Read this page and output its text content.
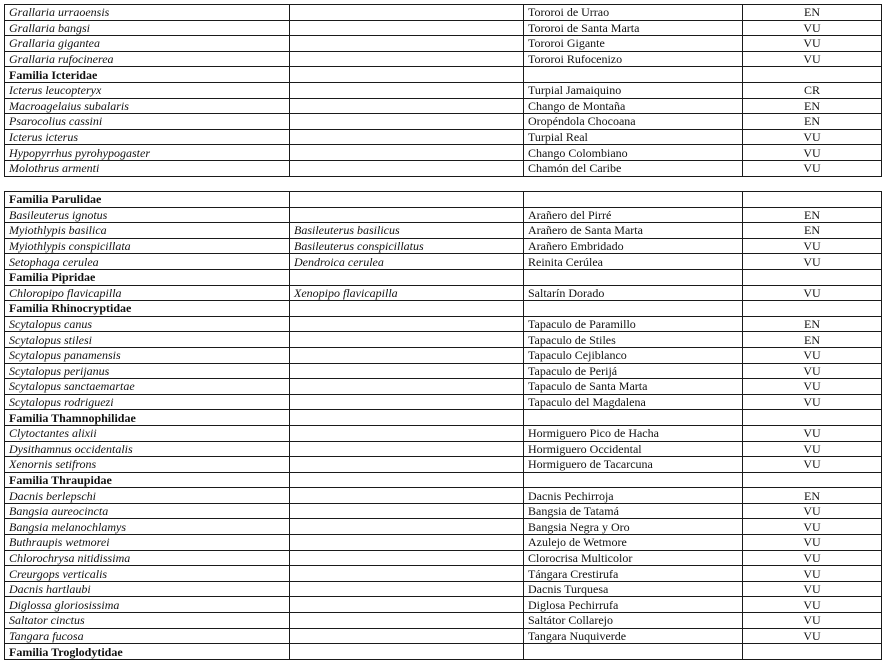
Grallaria urraoensis		Tororoi de Urrao	EN
Grallaria bangsi		Tororoi de Santa Marta	VU
Grallaria gigantea		Tororoi Gigante	VU
Grallaria rufocinerea		Tororoi Rufocenizo	VU
Familia Icteridae			
Icterus leucopteryx		Turpial Jamaiquino	CR
Macroagelaius subalaris		Chango de Montaña	EN
Psarocolius cassini		Oropéndola Chocoana	EN
Icterus icterus		Turpial Real	VU
Hypopyrrhus pyrohypogaster		Chango Colombiano	VU
Molothrus armenti		Chamón del Caribe	VU
Familia Parulidae			
Basileuterus ignotus		Arañero del Pirré	EN
Myiothlypis basilica	Basileuterus basilicus	Arañero de Santa Marta	EN
Myiothlypis conspicillata	Basileuterus conspicillatus	Arañero Embridado	VU
Setophaga cerulea	Dendroica cerulea	Reinita Cerúlea	VU
Familia Pipridae			
Chloropipo flavicapilla	Xenopipo flavicapilla	Saltarín Dorado	VU
Familia Rhinocryptidae			
Scytalopus canus		Tapaculo de Paramillo	EN
Scytalopus stilesi		Tapaculo de Stiles	EN
Scytalopus panamensis		Tapaculo Cejiblanco	VU
Scytalopus perijanus		Tapaculo de Perijá	VU
Scytalopus sanctaemartae		Tapaculo de Santa Marta	VU
Scytalopus rodriguezi		Tapaculo del Magdalena	VU
Familia Thamnophilidae			
Clytoctantes alixii		Hormiguero Pico de Hacha	VU
Dysithamnus occidentalis		Hormiguero Occidental	VU
Xenornis setifrons		Hormiguero de Tacarcuna	VU
Familia Thraupidae			
Dacnis berlepschi		Dacnis Pechirroja	EN
Bangsia aureocincta		Bangsia de Tatamá	VU
Bangsia melanochlamys		Bangsia Negra y Oro	VU
Buthraupis wetmorei		Azulejo de Wetmore	VU
Chlorochrysa nitidissima		Clorocrisa Multicolor	VU
Creurgops verticalis		Tángara Crestirufa	VU
Dacnis hartlaubi		Dacnis Turquesa	VU
Diglossa gloriosissima		Diglosa Pechirrufa	VU
Saltator cinctus		Saltátor Collarejo	VU
Tangara fucosa		Tangara Nuquiverde	VU
Familia Troglodytidae			
